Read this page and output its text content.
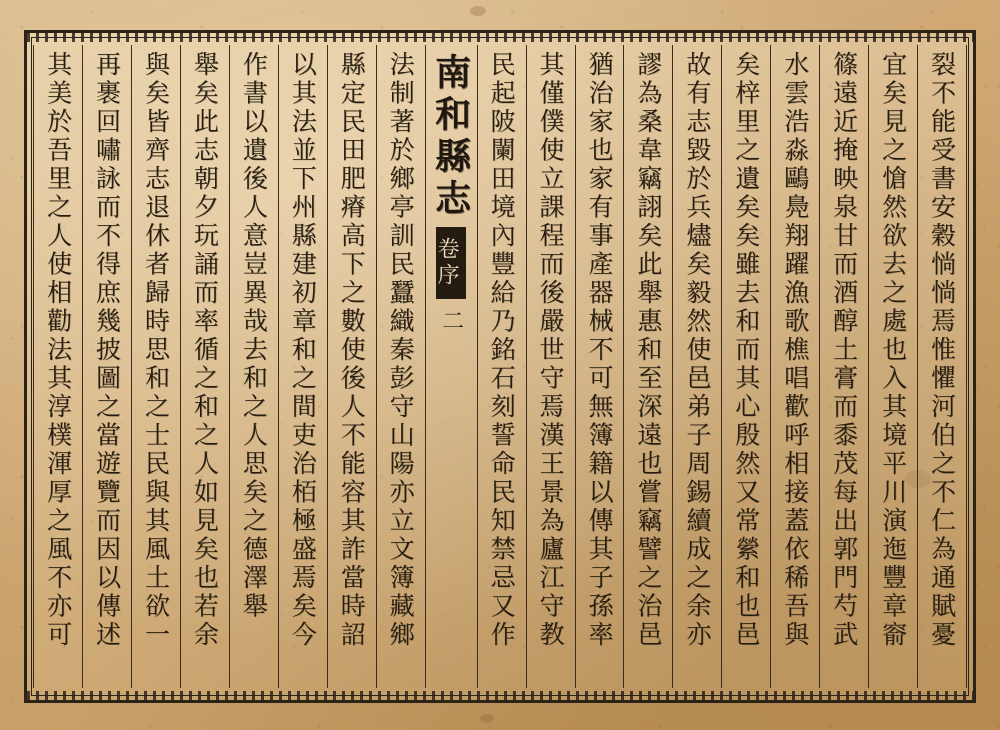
裂不能受書安穀惝惝焉惟懼河伯之不仁為通賦憂
宜矣見之愴然欲去之處也入其境平川演迤豐章窬
篠遠近掩映泉甘而酒醇土膏而黍茂每出郭門芍武
水雲浩淼鷗鳧翔躍漁歌樵唱歡呼相接蓋依稀吾與
矣梓里之遺矣矣雖去和而其心殷然又常縈和也邑
故有志毀於兵燼矣毅然使邑弟子周錫續成之余亦
謬為桑韋竊詡矣此舉惠和至深遠也嘗竊譬之治邑
猶治家也家有事產器械不可無簿籍以傳其子孫率
其僅僕使立課程而後嚴世守焉漢王景為廬江守教
民起陂闌田境內豐給乃銘石刻誓命民知禁忌又作
南和縣志
卷序
二
法制著於鄉亭訓民蠶織秦彭守山陽亦立文簿藏鄉
縣定民田肥瘠高下之數使後人不能容其詐當時詔
以其法並下州縣建初章和之間吏治栢極盛焉矣今
作書以遺後人意豈異哉去和之人思矣之德澤舉
舉矣此志朝夕玩誦而率循之和之人如見矣也若余
與矣皆齊志退休者歸時思和之士民與其風土欲一
再裹回嘯詠而不得庶幾披圖之當遊覽而因以傳述
其美於吾里之人使相勸法其淳樸渾厚之風不亦可
